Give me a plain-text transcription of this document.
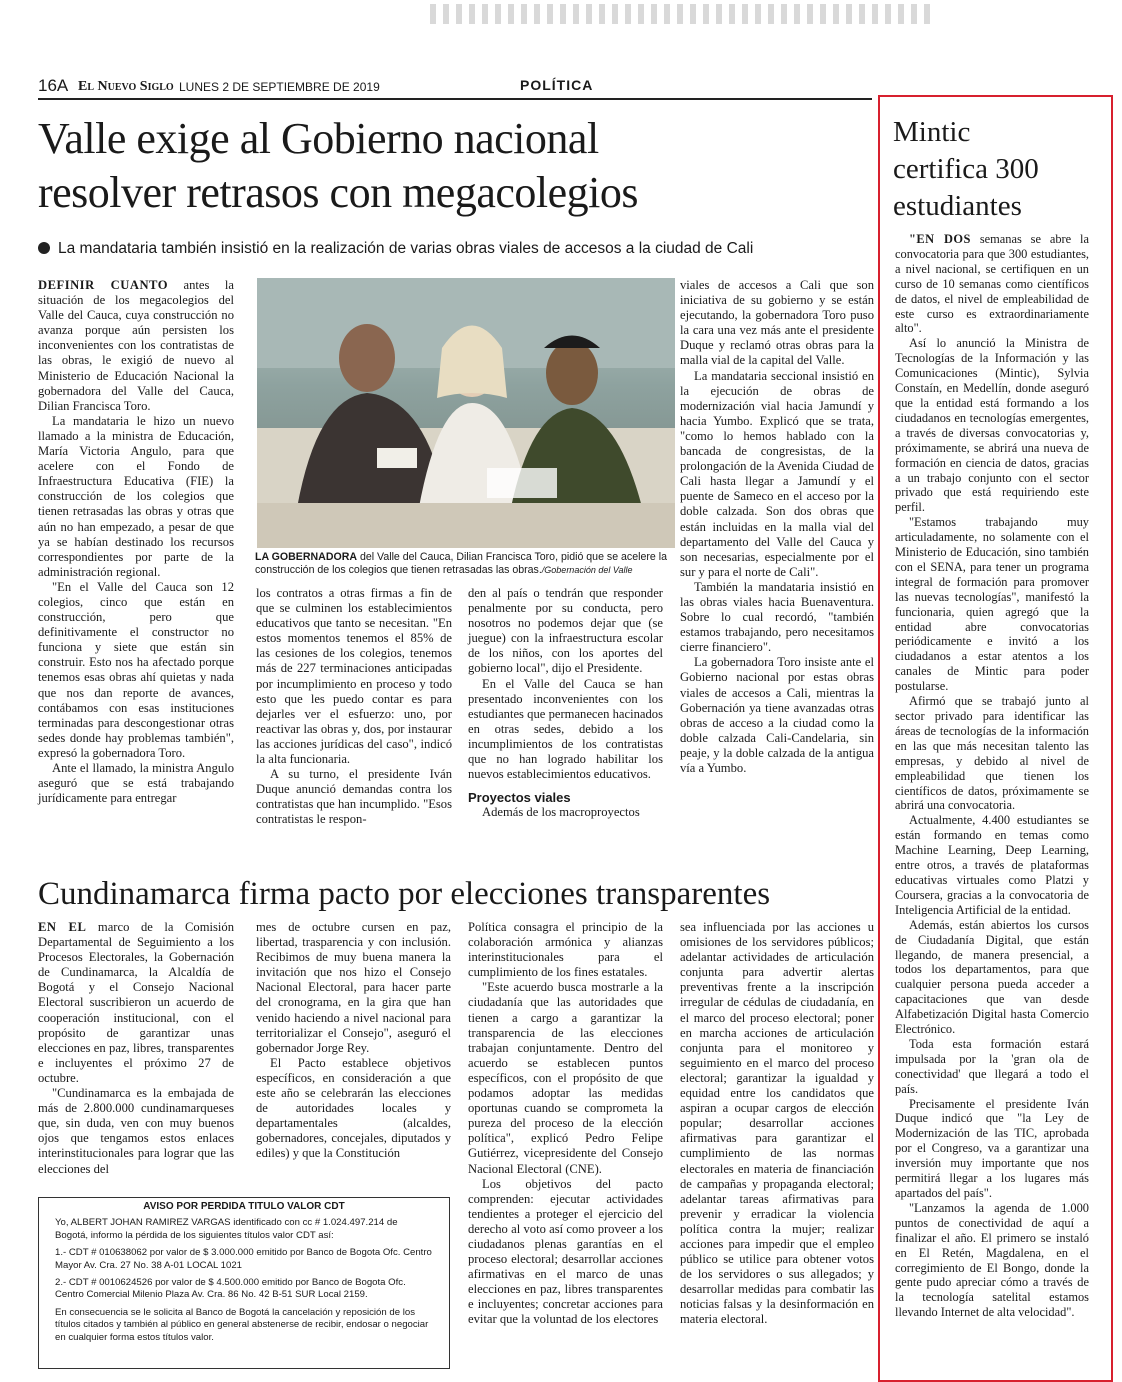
16A El Nuevo Siglo LUNES 2 DE SEPTIEMBRE DE 2019	POLÍTICA
Valle exige al Gobierno nacional
resolver retrasos con megacolegios
La mandataria también insistió en la realización de varias obras viales de accesos a la ciudad de Cali

DEFINIR CUANTO antes la situación de los megacolegios del Valle del Cauca, cuya construcción no avanza porque aún persisten los inconvenientes con los contratistas de las obras, le exigió de nuevo al Ministerio de Educación Nacional la gobernadora del Valle del Cauca, Dilian Francisca Toro.

La mandataria le hizo un nuevo llamado a la ministra de Educación, María Victoria Angulo, para que acelere con el Fondo de Infraestructura Educativa (FIE) la construcción de los colegios que tienen retrasadas las obras y otras que aún no han empezado, a pesar de que ya se habían destinado los recursos correspondientes por parte de la administración regional.

"En el Valle del Cauca son 12 colegios, cinco que están en construcción, pero que definitivamente el constructor no funciona y siete que están sin construir. Esto nos ha afectado porque tenemos esas obras ahí quietas y nada que nos dan reporte de avances, contábamos con esas instituciones terminadas para descongestionar otras sedes donde hay problemas también", expresó la gobernadora Toro.

Ante el llamado, la ministra Angulo aseguró que se está trabajando jurídicamente para entregar

LA GOBERNADORA del Valle del Cauca, Dilian Francisca Toro, pidió que se acelere la construcción de los colegios que tienen retrasadas las obras./Gobernación del Valle

los contratos a otras firmas a fin de que se culminen los establecimientos educativos que tanto se necesitan. "En estos momentos tenemos el 85% de las cesiones de los colegios, tenemos más de 227 terminaciones anticipadas por incumplimiento en proceso y todo esto que les puedo contar es para dejarles ver el esfuerzo: uno, por reactivar las obras y, dos, por instaurar las acciones jurídicas del caso", indicó la alta funcionaria.

A su turno, el presidente Iván Duque anunció demandas contra los contratistas que han incumplido. "Esos contratistas le respon-

den al país o tendrán que responder penalmente por su conducta, pero nosotros no podemos dejar que (se juegue) con la infraestructura escolar de los niños, con los aportes del gobierno local", dijo el Presidente.

En el Valle del Cauca se han presentado inconvenientes con los estudiantes que permanecen hacinados en otras sedes, debido a los incumplimientos de los contratistas que no han logrado habilitar los nuevos establecimientos educativos.

Proyectos viales

Además de los macroproyectos

viales de accesos a Cali que son iniciativa de su gobierno y se están ejecutando, la gobernadora Toro puso la cara una vez más ante el presidente Duque y reclamó otras obras para la malla vial de la capital del Valle.

La mandataria seccional insistió en la ejecución de obras de modernización vial hacia Jamundí y hacia Yumbo. Explicó que se trata, "como lo hemos hablado con la bancada de congresistas, de la prolongación de la Avenida Ciudad de Cali hasta llegar a Jamundí y el puente de Sameco en el acceso por la doble calzada. Son dos obras que están incluidas en la malla vial del departamento del Valle del Cauca y son necesarias, especialmente por el sur y para el norte de Cali".

También la mandataria insistió en las obras viales hacia Buenaventura. Sobre lo cual recordó, "también estamos trabajando, pero necesitamos cierre financiero".

La gobernadora Toro insiste ante el Gobierno nacional por estas obras viales de accesos a Cali, mientras la Gobernación ya tiene avanzadas otras obras de acceso a la ciudad como la doble calzada Cali-Candelaria, sin peaje, y la doble calzada de la antigua vía a Yumbo.

Cundinamarca firma pacto por elecciones transparentes

EN EL marco de la Comisión Departamental de Seguimiento a los Procesos Electorales, la Gobernación de Cundinamarca, la Alcaldía de Bogotá y el Consejo Nacional Electoral suscribieron un acuerdo de cooperación institucional, con el propósito de garantizar unas elecciones en paz, libres, transparentes e incluyentes el próximo 27 de octubre.

"Cundinamarca es la embajada de más de 2.800.000 cundinamarqueses que, sin duda, ven con muy buenos ojos que tengamos estos enlaces interinstitucionales para lograr que las elecciones del

mes de octubre cursen en paz, libertad, trasparencia y con inclusión. Recibimos de muy buena manera la invitación que nos hizo el Consejo Nacional Electoral, para hacer parte del cronograma, en la gira que han venido haciendo a nivel nacional para territorializar el Consejo", aseguró el gobernador Jorge Rey.

El Pacto establece objetivos específicos, en consideración a que este año se celebrarán las elecciones de autoridades locales y departamentales (alcaldes, gobernadores, concejales, diputados y ediles) y que la Constitución

Política consagra el principio de la colaboración armónica y alianzas interinstitucionales para el cumplimiento de los fines estatales.

"Este acuerdo busca mostrarle a la ciudadanía que las autoridades que tienen a cargo a garantizar la transparencia de las elecciones trabajan conjuntamente. Dentro del acuerdo se establecen puntos específicos, con el propósito de que podamos adoptar las medidas oportunas cuando se comprometa la pureza del proceso de la elección política", explicó Pedro Felipe Gutiérrez, vicepresidente del Consejo Nacional Electoral (CNE).

Los objetivos del pacto comprenden: ejecutar actividades tendientes a proteger el ejercicio del derecho al voto así como proveer a los ciudadanos plenas garantías en el proceso electoral; desarrollar acciones afirmativas en el marco de unas elecciones en paz, libres transparentes e incluyentes; concretar acciones para evitar que la voluntad de los electores

sea influenciada por las acciones u omisiones de los servidores públicos; adelantar actividades de articulación conjunta para advertir alertas preventivas frente a la inscripción irregular de cédulas de ciudadanía, en el marco del proceso electoral; poner en marcha acciones de articulación conjunta para el monitoreo y seguimiento en el marco del proceso electoral; garantizar la igualdad y equidad entre los candidatos que aspiran a ocupar cargos de elección popular; desarrollar acciones afirmativas para garantizar el cumplimiento de las normas electorales en materia de financiación de campañas y propaganda electoral; adelantar tareas afirmativas para prevenir y erradicar la violencia política contra la mujer; realizar acciones para impedir que el empleo público se utilice para obtener votos de los servidores o sus allegados; y desarrollar medidas para combatir las noticias falsas y la desinformación en materia electoral.

AVISO POR PERDIDA TITULO VALOR CDT

Yo, ALBERT JOHAN RAMIREZ VARGAS identificado con cc # 1.024.497.214 de Bogotá, informo la pérdida de los siguientes títulos valor CDT así:

1.- CDT # 010638062 por valor de $ 3.000.000 emitido por Banco de Bogota Ofc. Centro Mayor Av. Cra. 27 No. 38 A-01 LOCAL 1021

2.- CDT # 0010624526 por valor de $ 4.500.000 emitido por Banco de Bogota Ofc. Centro Comercial Milenio Plaza Av. Cra. 86 No. 42 B-51 SUR Local 2159.

En consecuencia se le solicita al Banco de Bogotá la cancelación y reposición de los títulos citados y también al público en general abstenerse de recibir, endosar o negociar en cualquier forma estos títulos valor.

Mintic
certifica 300
estudiantes

"EN DOS semanas se abre la convocatoria para que 300 estudiantes, a nivel nacional, se certifiquen en un curso de 10 semanas como científicos de datos, el nivel de empleabilidad de este curso es extraordinariamente alto".

Así lo anunció la Ministra de Tecnologías de la Información y las Comunicaciones (Mintic), Sylvia Constaín, en Medellín, donde aseguró que la entidad está formando a los ciudadanos en tecnologías emergentes, a través de diversas convocatorias y, próximamente, se abrirá una nueva de formación en ciencia de datos, gracias a un trabajo conjunto con el sector privado que está requiriendo este perfil.

"Estamos trabajando muy articuladamente, no solamente con el Ministerio de Educación, sino también con el SENA, para tener un programa integral de formación para promover las nuevas tecnologías", manifestó la funcionaria, quien agregó que la entidad abre convocatorias periódicamente e invitó a los ciudadanos a estar atentos a los canales de Mintic para poder postularse.

Afirmó que se trabajó junto al sector privado para identificar las áreas de tecnologías de la información en las que más necesitan talento las empresas, y debido al nivel de empleabilidad que tienen los científicos de datos, próximamente se abrirá una convocatoria.

Actualmente, 4.400 estudiantes se están formando en temas como Machine Learning, Deep Learning, entre otros, a través de plataformas educativas virtuales como Platzi y Coursera, gracias a la convocatoria de Inteligencia Artificial de la entidad.

Además, están abiertos los cursos de Ciudadanía Digital, que están llegando, de manera presencial, a todos los departamentos, para que cualquier persona pueda acceder a capacitaciones que van desde Alfabetización Digital hasta Comercio Electrónico.

Toda esta formación estará impulsada por la 'gran ola de conectividad' que llegará a todo el país.

Precisamente el presidente Iván Duque indicó que "la Ley de Modernización de las TIC, aprobada por el Congreso, va a garantizar una inversión muy importante que nos permitirá llegar a los lugares más apartados del país".

"Lanzamos la agenda de 1.000 puntos de conectividad de aquí a finalizar el año. El primero se instaló en El Retén, Magdalena, en el corregimiento de El Bongo, donde la gente pudo apreciar cómo a través de la tecnología satelital estamos llevando Internet de alta velocidad".
